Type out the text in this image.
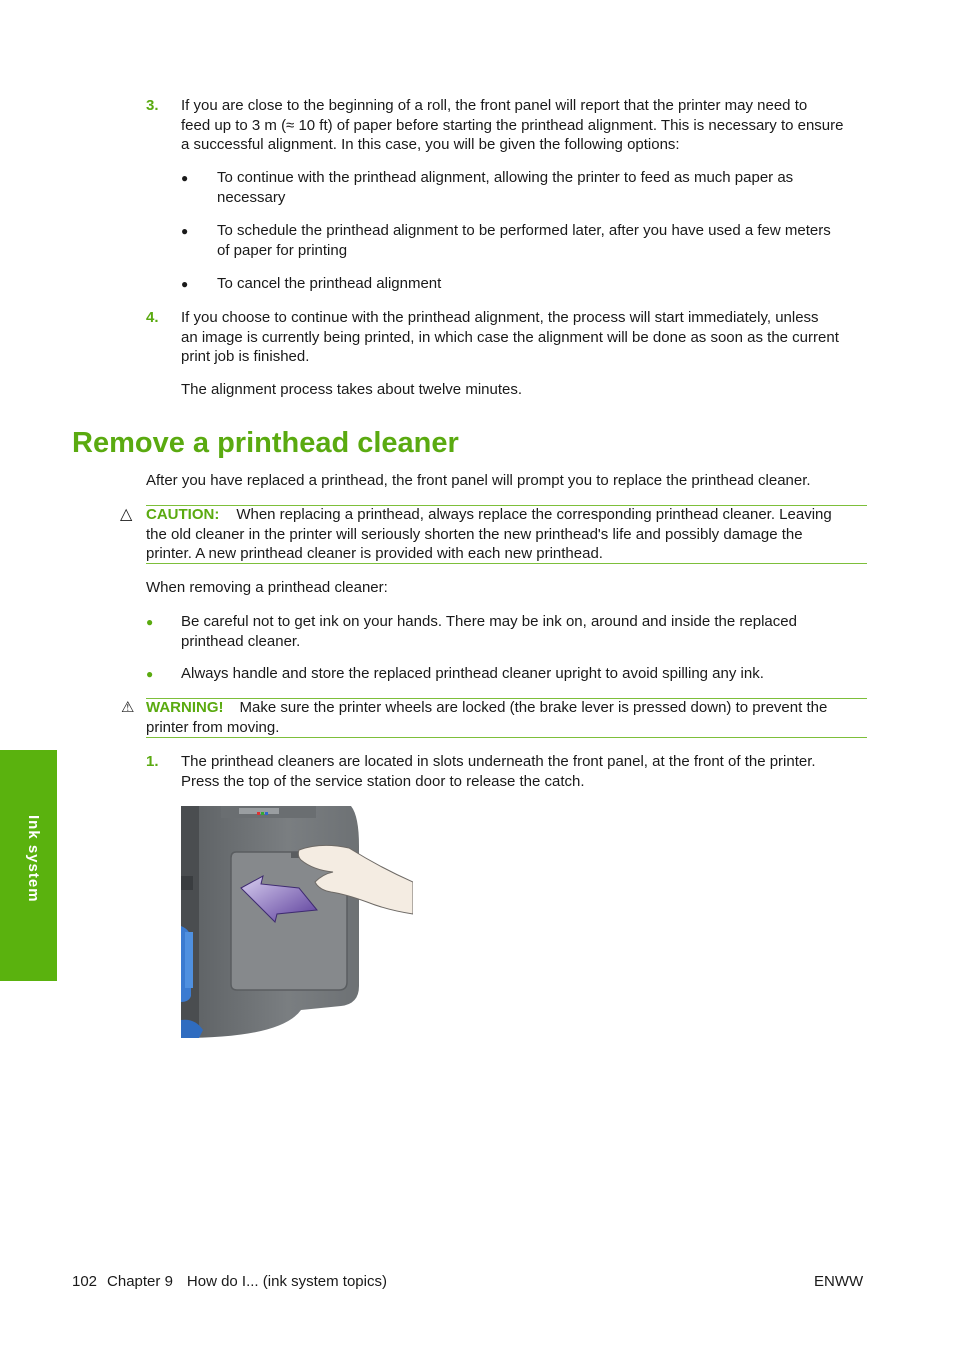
3. If you are close to the beginning of a roll, the front panel will report that the printer may need to
feed up to 3 m (≈ 10 ft) of paper before starting the printhead alignment. This is necessary to ensure
a successful alignment. In this case, you will be given the following options:
● To continue with the printhead alignment, allowing the printer to feed as much paper as
necessary
● To schedule the printhead alignment to be performed later, after you have used a few meters
of paper for printing
● To cancel the printhead alignment
4. If you choose to continue with the printhead alignment, the process will start immediately, unless
an image is currently being printed, in which case the alignment will be done as soon as the current
print job is finished.
The alignment process takes about twelve minutes.
Remove a printhead cleaner
After you have replaced a printhead, the front panel will prompt you to replace the printhead cleaner.
△ CAUTION: When replacing a printhead, always replace the corresponding printhead cleaner. Leaving
the old cleaner in the printer will seriously shorten the new printhead's life and possibly damage the
printer. A new printhead cleaner is provided with each new printhead.
When removing a printhead cleaner:
● Be careful not to get ink on your hands. There may be ink on, around and inside the replaced
printhead cleaner.
● Always handle and store the replaced printhead cleaner upright to avoid spilling any ink.
⚠ WARNING! Make sure the printer wheels are locked (the brake lever is pressed down) to prevent the
printer from moving.
1. The printhead cleaners are located in slots underneath the front panel, at the front of the printer.
Press the top of the service station door to release the catch.
Ink system
102 Chapter 9 How do I... (ink system topics)	ENWW
